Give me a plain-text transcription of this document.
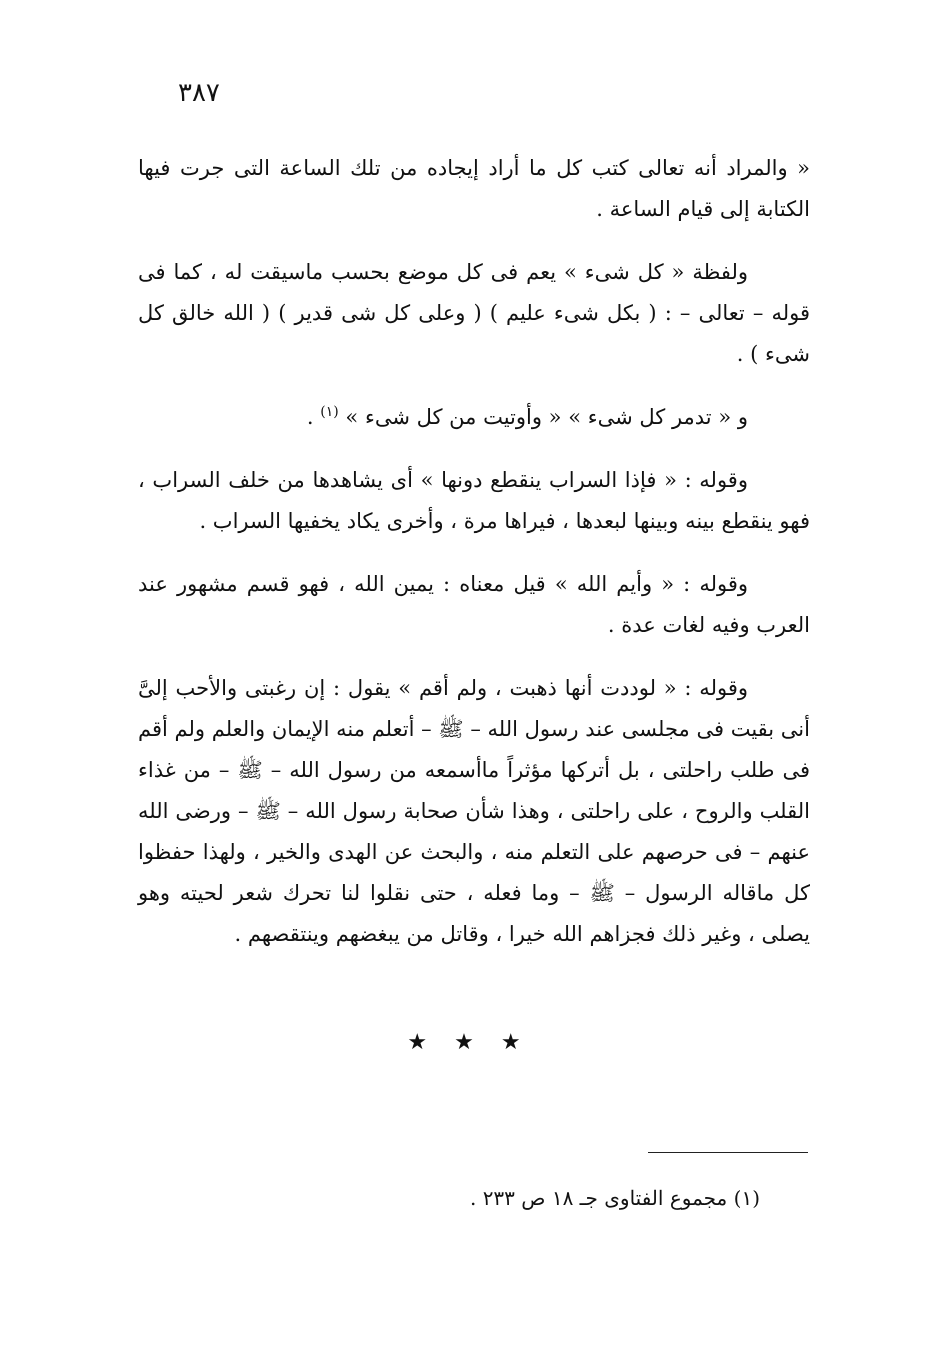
٣٨٧

« والمراد أنه تعالى كتب كل ما أراد إيجاده من تلك الساعة التى جرت فيها الكتابة إلى قيام الساعة .

ولفظة « كل شىء » يعم فى كل موضع بحسب ماسيقت له ، كما فى قوله – تعالى – : ( بكل شىء عليم ) ( وعلى كل شى قدير ) ( الله خالق كل شىء ) .

و « تدمر كل شىء » « وأوتيت من كل شىء » $^{(١)}$ .

وقوله : « فإذا السراب ينقطع دونها » أى يشاهدها من خلف السراب ، فهو ينقطع بينه وبينها لبعدها ، فيراها مرة ، وأخرى يكاد يخفيها السراب .

وقوله : « وأيم الله » قيل معناه : يمين الله ، فهو قسم مشهور عند العرب وفيه لغات عدة .

وقوله : « لوددت أنها ذهبت ، ولم أقم » يقول : إن رغبتى والأحب إلىَّ أنى بقيت فى مجلسى عند رسول الله – ﷺ – أتعلم منه الإيمان والعلم ولم أقم فى طلب راحلتى ، بل أتركها مؤثراً ماأسمعه من رسول الله – ﷺ – من غذاء القلب والروح ، على راحلتى ، وهذا شأن صحابة رسول الله – ﷺ – ورضى الله عنهم – فى حرصهم على التعلم منه ، والبحث عن الهدى والخير ، ولهذا حفظوا كل ماقاله الرسول – ﷺ – وما فعله ، حتى نقلوا لنا تحرك شعر لحيته وهو يصلى ، وغير ذلك فجزاهم الله خيرا ، وقاتل من يبغضهم وينتقصهم .

★ ★ ★
(١) مجموع الفتاوى جـ ١٨ ص ٢٣٣ .
